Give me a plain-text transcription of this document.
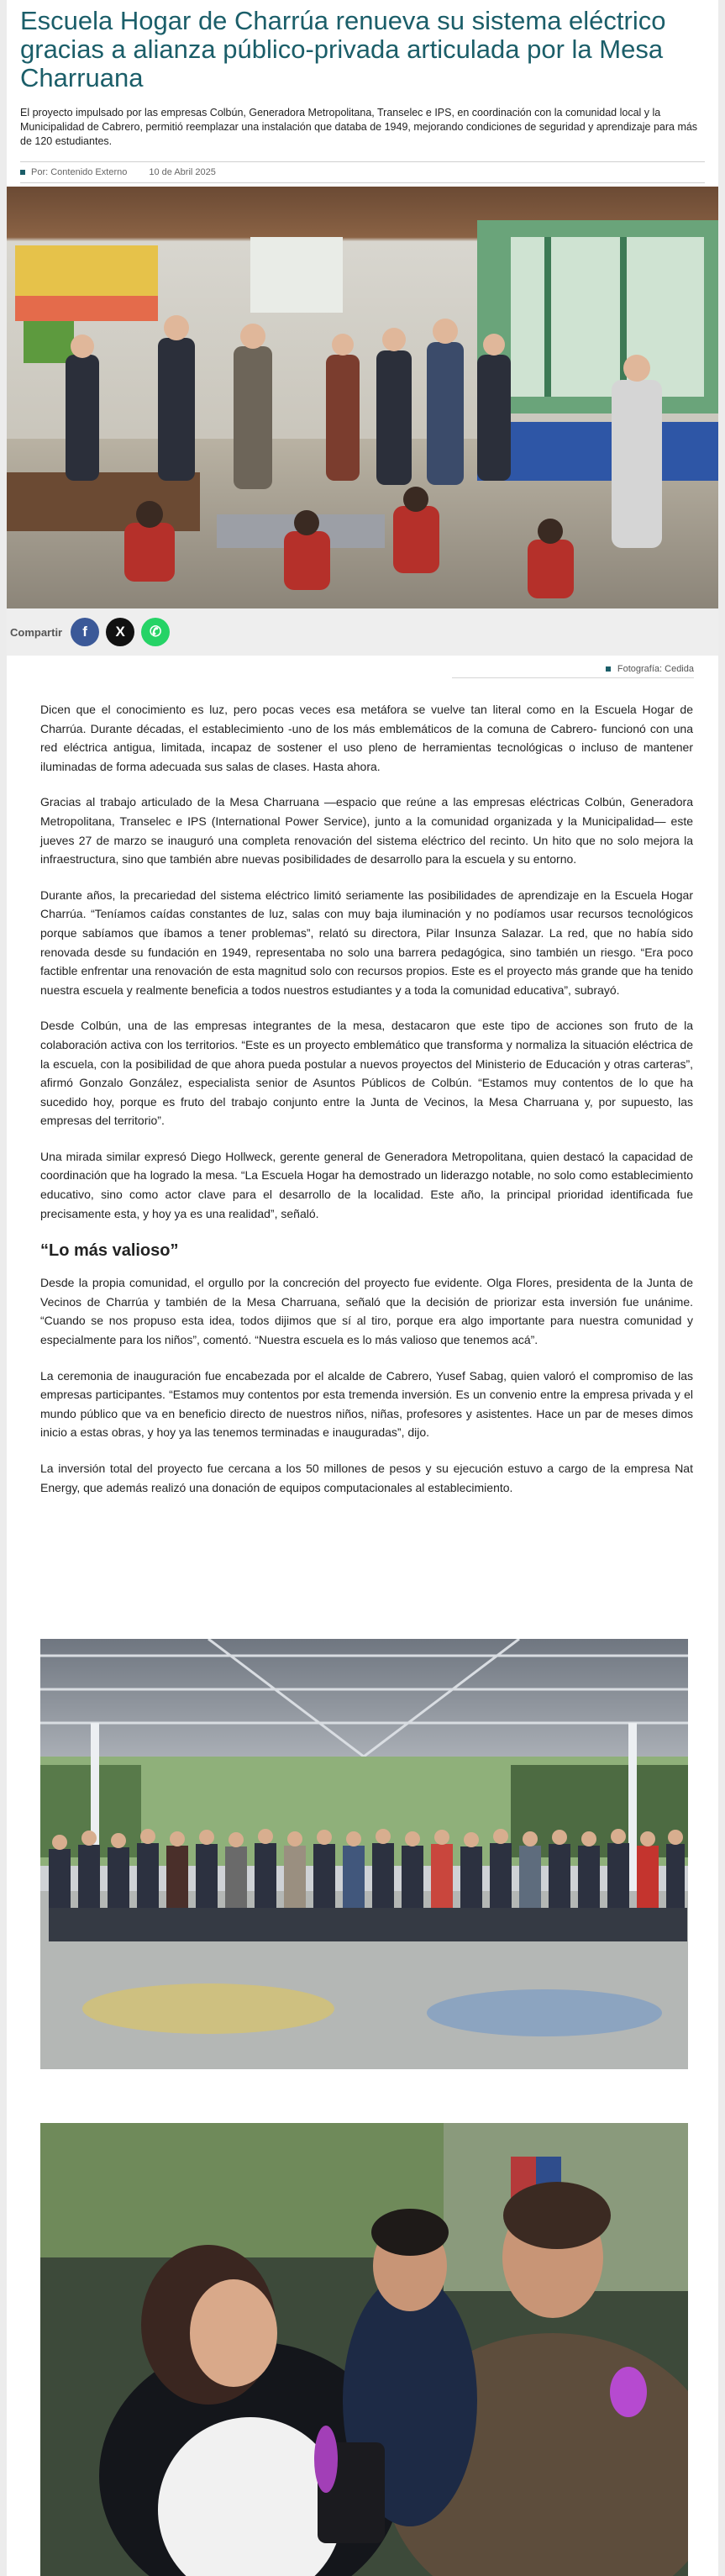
Escuela Hogar de Charrúa renueva su sistema eléctrico gracias a alianza público-privada articulada por la Mesa Charruana

El proyecto impulsado por las empresas Colbún, Generadora Metropolitana, Transelec e IPS, en coordinación con la comunidad local y la Municipalidad de Cabrero, permitió reemplazar una instalación que databa de 1949, mejorando condiciones de seguridad y aprendizaje para más de 120 estudiantes.

Por: Contenido Externo 10 de Abril 2025
Compartir f X ✆
Fotografía: Cedida

Dicen que el conocimiento es luz, pero pocas veces esa metáfora se vuelve tan literal como en la Escuela Hogar de Charrúa. Durante décadas, el establecimiento -uno de los más emblemáticos de la comuna de Cabrero- funcionó con una red eléctrica antigua, limitada, incapaz de sostener el uso pleno de herramientas tecnológicas o incluso de mantener iluminadas de forma adecuada sus salas de clases. Hasta ahora.

Gracias al trabajo articulado de la Mesa Charruana —espacio que reúne a las empresas eléctricas Colbún, Generadora Metropolitana, Transelec e IPS (International Power Service), junto a la comunidad organizada y la Municipalidad— este jueves 27 de marzo se inauguró una completa renovación del sistema eléctrico del recinto. Un hito que no solo mejora la infraestructura, sino que también abre nuevas posibilidades de desarrollo para la escuela y su entorno.

Durante años, la precariedad del sistema eléctrico limitó seriamente las posibilidades de aprendizaje en la Escuela Hogar Charrúa. “Teníamos caídas constantes de luz, salas con muy baja iluminación y no podíamos usar recursos tecnológicos porque sabíamos que íbamos a tener problemas”, relató su directora, Pilar Insunza Salazar. La red, que no había sido renovada desde su fundación en 1949, representaba no solo una barrera pedagógica, sino también un riesgo. “Era poco factible enfrentar una renovación de esta magnitud solo con recursos propios. Este es el proyecto más grande que ha tenido nuestra escuela y realmente beneficia a todos nuestros estudiantes y a toda la comunidad educativa”, subrayó.

Desde Colbún, una de las empresas integrantes de la mesa, destacaron que este tipo de acciones son fruto de la colaboración activa con los territorios. “Este es un proyecto emblemático que transforma y normaliza la situación eléctrica de la escuela, con la posibilidad de que ahora pueda postular a nuevos proyectos del Ministerio de Educación y otras carteras”, afirmó Gonzalo González, especialista senior de Asuntos Públicos de Colbún. “Estamos muy contentos de lo que ha sucedido hoy, porque es fruto del trabajo conjunto entre la Junta de Vecinos, la Mesa Charruana y, por supuesto, las empresas del territorio”.

Una mirada similar expresó Diego Hollweck, gerente general de Generadora Metropolitana, quien destacó la capacidad de coordinación que ha logrado la mesa. “La Escuela Hogar ha demostrado un liderazgo notable, no solo como establecimiento educativo, sino como actor clave para el desarrollo de la localidad. Este año, la principal prioridad identificada fue precisamente esta, y hoy ya es una realidad”, señaló.

“Lo más valioso”

Desde la propia comunidad, el orgullo por la concreción del proyecto fue evidente. Olga Flores, presidenta de la Junta de Vecinos de Charrúa y también de la Mesa Charruana, señaló que la decisión de priorizar esta inversión fue unánime. “Cuando se nos propuso esta idea, todos dijimos que sí al tiro, porque era algo importante para nuestra comunidad y especialmente para los niños”, comentó. “Nuestra escuela es lo más valioso que tenemos acá”.

La ceremonia de inauguración fue encabezada por el alcalde de Cabrero, Yusef Sabag, quien valoró el compromiso de las empresas participantes. “Estamos muy contentos por esta tremenda inversión. Es un convenio entre la empresa privada y el mundo público que va en beneficio directo de nuestros niños, niñas, profesores y asistentes. Hace un par de meses dimos inicio a estas obras, y hoy ya las tenemos terminadas e inauguradas”, dijo.

La inversión total del proyecto fue cercana a los 50 millones de pesos y su ejecución estuvo a cargo de la empresa Nat Energy, que además realizó una donación de equipos computacionales al establecimiento.
